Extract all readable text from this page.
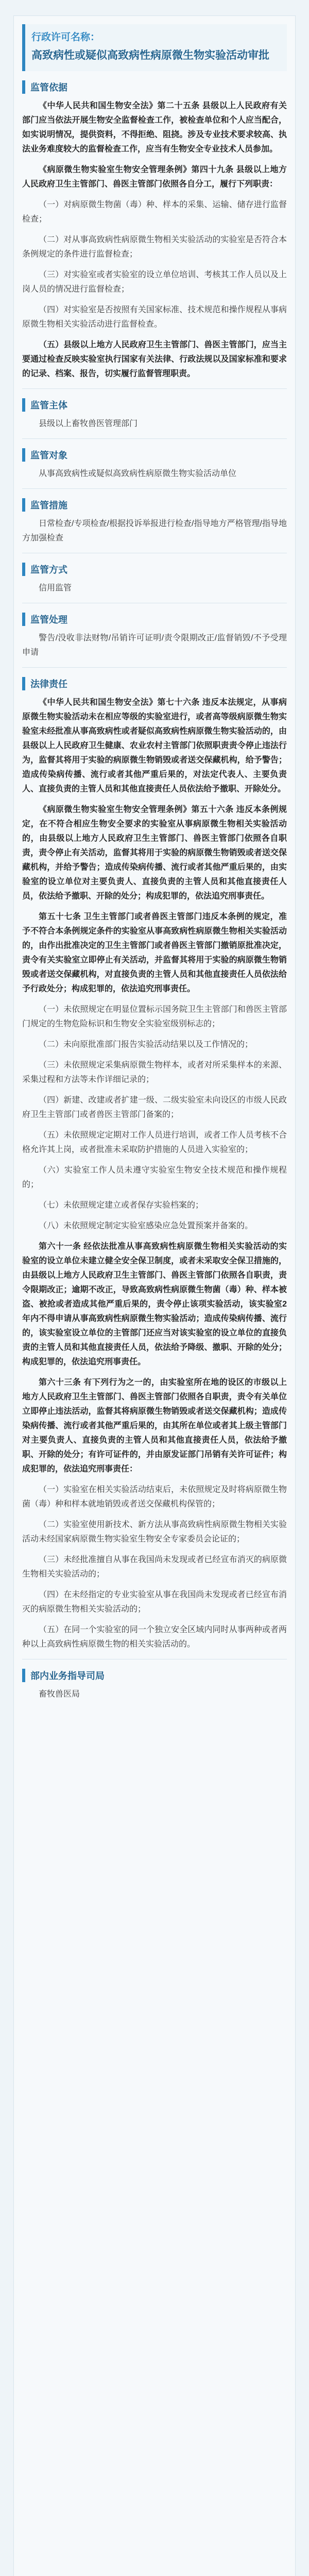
行政许可名称：
高致病性或疑似高致病性病原微生物实验活动审批
监管依据

《中华人民共和国生物安全法》第二十五条 县级以上人民政府有关部门应当依法开展生物安全监督检查工作，被检查单位和个人应当配合，如实说明情况，提供资料，不得拒绝、阻挠。涉及专业技术要求较高、执法业务难度较大的监督检查工作，应当有生物安全专业技术人员参加。

《病原微生物实验室生物安全管理条例》第四十九条 县级以上地方人民政府卫生主管部门、兽医主管部门依照各自分工，履行下列职责：

（一）对病原微生物菌（毒）种、样本的采集、运输、储存进行监督检查；

（二）对从事高致病性病原微生物相关实验活动的实验室是否符合本条例规定的条件进行监督检查；

（三）对实验室或者实验室的设立单位培训、考核其工作人员以及上岗人员的情况进行监督检查；

（四）对实验室是否按照有关国家标准、技术规范和操作规程从事病原微生物相关实验活动进行监督检查。

（五）县级以上地方人民政府卫生主管部门、兽医主管部门，应当主要通过检查反映实验室执行国家有关法律、行政法规以及国家标准和要求的记录、档案、报告，切实履行监督管理职责。

监管主体

县级以上畜牧兽医管理部门

监管对象

从事高致病性或疑似高致病性病原微生物实验活动单位

监管措施

日常检查/专项检查/根据投诉举报进行检查/指导地方严格管理/指导地方加强检查

监管方式

信用监管

监管处理

警告/没收非法财物/吊销许可证明/责令限期改正/监督销毁/不予受理申请

法律责任

《中华人民共和国生物安全法》第七十六条 违反本法规定，从事病原微生物实验活动未在相应等级的实验室进行，或者高等级病原微生物实验室未经批准从事高致病性或者疑似高致病性病原微生物实验活动的，由县级以上人民政府卫生健康、农业农村主管部门依照职责责令停止违法行为，监督其将用于实验的病原微生物销毁或者送交保藏机构，给予警告；造成传染病传播、流行或者其他严重后果的，对法定代表人、主要负责人、直接负责的主管人员和其他直接责任人员依法给予撤职、开除处分。

《病原微生物实验室生物安全管理条例》第五十六条 违反本条例规定，在不符合相应生物安全要求的实验室从事病原微生物相关实验活动的，由县级以上地方人民政府卫生主管部门、兽医主管部门依照各自职责，责令停止有关活动，监督其将用于实验的病原微生物销毁或者送交保藏机构，并给予警告；造成传染病传播、流行或者其他严重后果的，由实验室的设立单位对主要负责人、直接负责的主管人员和其他直接责任人员，依法给予撤职、开除的处分；构成犯罪的，依法追究刑事责任。

第五十七条 卫生主管部门或者兽医主管部门违反本条例的规定，准予不符合本条例规定条件的实验室从事高致病性病原微生物相关实验活动的，由作出批准决定的卫生主管部门或者兽医主管部门撤销原批准决定，责令有关实验室立即停止有关活动，并监督其将用于实验的病原微生物销毁或者送交保藏机构，对直接负责的主管人员和其他直接责任人员依法给予行政处分；构成犯罪的，依法追究刑事责任。

（一）未依照规定在明显位置标示国务院卫生主管部门和兽医主管部门规定的生物危险标识和生物安全实验室级别标志的；

（二）未向原批准部门报告实验活动结果以及工作情况的；

（三）未依照规定采集病原微生物样本，或者对所采集样本的来源、采集过程和方法等未作详细记录的；

（四）新建、改建或者扩建一级、二级实验室未向设区的市级人民政府卫生主管部门或者兽医主管部门备案的；

（五）未依照规定定期对工作人员进行培训，或者工作人员考核不合格允许其上岗，或者批准未采取防护措施的人员进入实验室的；

（六）实验室工作人员未遵守实验室生物安全技术规范和操作规程的；

（七）未依照规定建立或者保存实验档案的；

（八）未依照规定制定实验室感染应急处置预案并备案的。

第六十一条 经依法批准从事高致病性病原微生物相关实验活动的实验室的设立单位未建立健全安全保卫制度，或者未采取安全保卫措施的，由县级以上地方人民政府卫生主管部门、兽医主管部门依照各自职责，责令限期改正；逾期不改正，导致高致病性病原微生物菌（毒）种、样本被盗、被抢或者造成其他严重后果的，责令停止该项实验活动，该实验室2年内不得申请从事高致病性病原微生物实验活动；造成传染病传播、流行的，该实验室设立单位的主管部门还应当对该实验室的设立单位的直接负责的主管人员和其他直接责任人员，依法给予降级、撤职、开除的处分；构成犯罪的，依法追究刑事责任。

第六十三条 有下列行为之一的，由实验室所在地的设区的市级以上地方人民政府卫生主管部门、兽医主管部门依照各自职责，责令有关单位立即停止违法活动，监督其将病原微生物销毁或者送交保藏机构；造成传染病传播、流行或者其他严重后果的，由其所在单位或者其上级主管部门对主要负责人、直接负责的主管人员和其他直接责任人员，依法给予撤职、开除的处分；有许可证件的，并由原发证部门吊销有关许可证件；构成犯罪的，依法追究刑事责任：

（一）实验室在相关实验活动结束后，未依照规定及时将病原微生物菌（毒）种和样本就地销毁或者送交保藏机构保管的；

（二）实验室使用新技术、新方法从事高致病性病原微生物相关实验活动未经国家病原微生物实验室生物安全专家委员会论证的；

（三）未经批准擅自从事在我国尚未发现或者已经宣布消灭的病原微生物相关实验活动的；

（四）在未经指定的专业实验室从事在我国尚未发现或者已经宣布消灭的病原微生物相关实验活动的；

（五）在同一个实验室的同一个独立安全区域内同时从事两种或者两种以上高致病性病原微生物的相关实验活动的。

部内业务指导司局

畜牧兽医局
